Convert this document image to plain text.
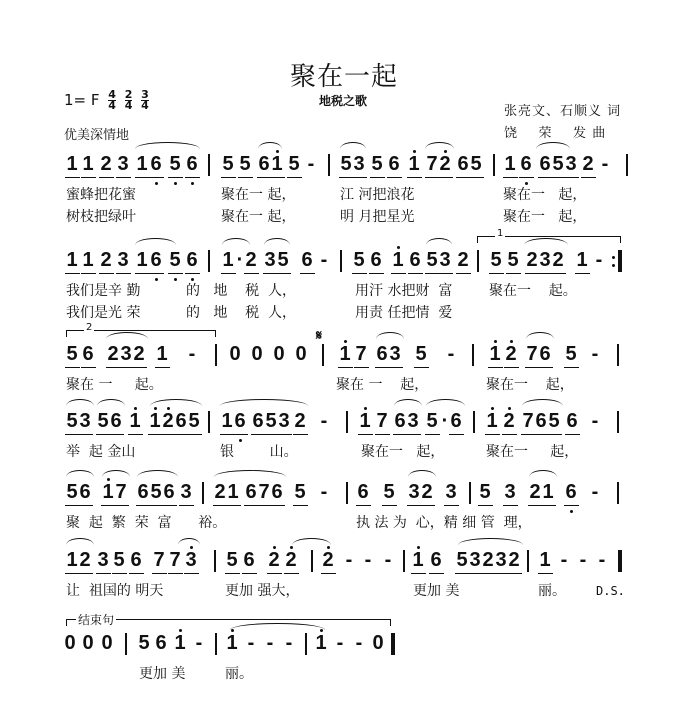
聚在一起
地税之歌
张亮文、石顺义 词
饶    荣    发 曲
1= F $\frac{4}{4}$
$\frac{2}{4}$
$\frac{3}{4}$
优美深情地
1 1 2 3 1 6 5 6 5 5 6 1 5 - 5 3 5 6 1 7 2 6 5 1 6 6 5 3 2 -
蜜蜂把花蜜	聚在一 起，	江 河把浪花	聚在一   起，
树枝把绿叶	聚在一 起，	明 月把星光	聚在一   起，
1 1 2 3 1 6 5 6 1 · 2 3 5 6 - 5 6 1 6 5 3 2 5 5 2 3 2 1 -
1
我们是辛 勤	的   地    税  人，	用汗 水把财  富	聚在一    起。
我们是光 荣	的   地    税  人，	用责 任把情  爱
5 6 2 3 2 1 - 0 0 0 0 1 7 6 3 5 - 1 2 7 6 5 -
2
𝄋
聚在 一     起。	聚在 一    起，	聚在一    起，
5 3 5 6 1 1 2 6 5 1 6 6 5 3 2 - 1 7 6 3 5 · 6 1 2 7 6 5 6 -
举  起 金山	银        山。	聚在一   起，	聚在一     起，
5 6 1 7 6 5 6 3 2 1 6 7 6 5 - 6 5 3 2 3 5 3 2 1 6 -
聚  起  繁  荣  富      裕。	执 法 为  心，精 细 管  理，
1 2 3 5 6 7 7 3 5 6 2 2 2 - - - 1 6 5 3 2 3 2 1 - - -
让  祖国的 明天	更加 强大，	更加 美	丽。	D.S.
0 0 0 5 6 1 - 1 - - - 1 - - 0
结束句
更加 美	丽。
